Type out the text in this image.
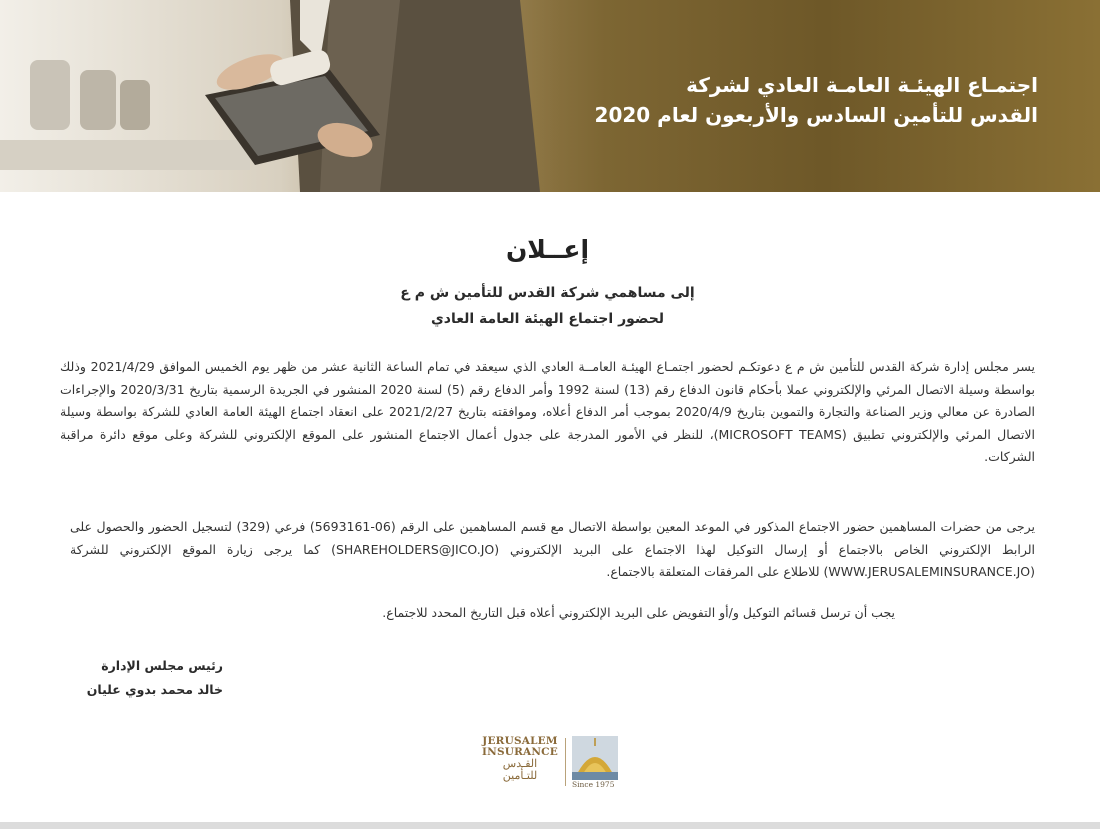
اجتمـاع الهيئـة العامـة العادي لشركة
القدس للتأمين السادس والأربعون لعام 2020
إعــلان
إلى مساهمي شركة القدس للتأمين ش م ع
لحضور اجتماع الهيئة العامة العادي

يسر مجلس إدارة شركة القدس للتأمين ش م ع دعوتكـم لحضور اجتمـاع الهيئـة العامــة العادي الذي سيعقد في تمام الساعة الثانية عشر من ظهر يوم الخميس الموافق 2021/4/29 وذلك بواسطة وسيلة الاتصال المرئي والإلكتروني عملا بأحكام قانون الدفاع رقم (13) لسنة 1992 وأمر الدفاع رقم (5) لسنة 2020 المنشور في الجريدة الرسمية بتاريخ 2020/3/31 والإجراءات الصادرة عن معالي وزير الصناعة والتجارة والتموين بتاريخ 2020/4/9 بموجب أمر الدفاع أعلاه، وموافقته بتاريخ 2021/2/27 على انعقاد اجتماع الهيئة العامة العادي للشركة بواسطة وسيلة الاتصال المرئي والإلكتروني تطبيق (MICROSOFT TEAMS)، للنظر في الأمور المدرجة على جدول أعمال الاجتماع المنشور على الموقع الإلكتروني للشركة وعلى موقع دائرة مراقبة الشركات.

يرجى من حضرات المساهمين حضور الاجتماع المذكور في الموعد المعين بواسطة الاتصال مع قسم المساهمين على الرقم (06-5693161) فرعي (329) لتسجيل الحضور والحصول على الرابط الإلكتروني الخاص بالاجتماع أو إرسال التوكيل لهذا الاجتماع على البريد الإلكتروني (SHAREHOLDERS@JICO.JO) كما يرجى زيارة الموقع الإلكتروني للشركة (WWW.JERUSALEMINSURANCE.JO) للاطلاع على المرفقات المتعلقة بالاجتماع.

يجب أن ترسل قسائم التوكيل و/أو التفويض على البريد الإلكتروني أعلاه قبل التاريخ المحدد للاجتماع.

رئيس مجلس الإدارة
خالد محمد بدوي عليان
JERUSALEM
INSURANCE
القـدس
للتـأمين
Since 1975
